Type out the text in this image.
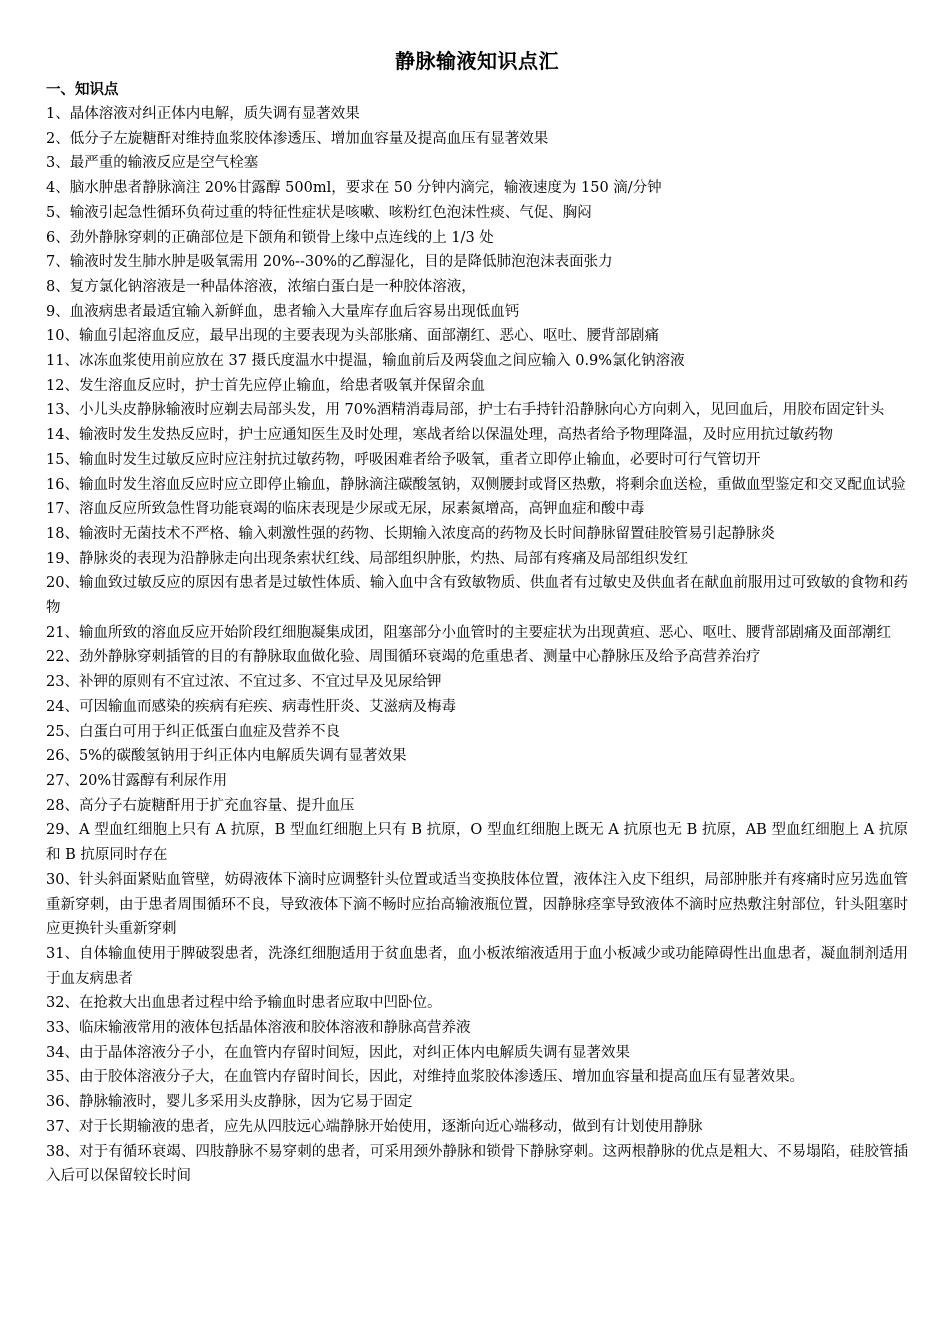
静脉输液知识点汇

一、知识点

1、晶体溶液对纠正体内电解，质失调有显著效果

2、低分子左旋糖酐对维持血浆胶体渗透压、增加血容量及提高血压有显著效果

3、最严重的输液反应是空气栓塞

4、脑水肿患者静脉滴注 20%甘露醇 500ml，要求在 50 分钟内滴完，输液速度为 150 滴/分钟

5、输液引起急性循环负荷过重的特征性症状是咳嗽、咳粉红色泡沫性痰、气促、胸闷

6、劲外静脉穿刺的正确部位是下颌角和锁骨上缘中点连线的上 1/3 处

7、输液时发生肺水肿是吸氧需用 20%--30%的乙醇湿化，目的是降低肺泡泡沫表面张力

8、复方氯化钠溶液是一种晶体溶液，浓缩白蛋白是一种胶体溶液，

9、血液病患者最适宜输入新鲜血，患者输入大量库存血后容易出现低血钙

10、输血引起溶血反应，最早出现的主要表现为头部胀痛、面部潮红、恶心、呕吐、腰背部剧痛

11、冰冻血浆使用前应放在 37 摄氏度温水中提温，输血前后及两袋血之间应输入 0.9%氯化钠溶液

12、发生溶血反应时，护士首先应停止输血，给患者吸氧并保留余血

13、小儿头皮静脉输液时应剃去局部头发，用 70%酒精消毒局部，护士右手持针沿静脉向心方向刺入，见回血后，用胶布固定针头

14、输液时发生发热反应时，护士应通知医生及时处理，寒战者给以保温处理，高热者给予物理降温，及时应用抗过敏药物

15、输血时发生过敏反应时应注射抗过敏药物，呼吸困难者给予吸氧，重者立即停止输血，必要时可行气管切开

16、输血时发生溶血反应时应立即停止输血，静脉滴注碳酸氢钠，双侧腰封或肾区热敷，将剩余血送检，重做血型鉴定和交叉配血试验

17、溶血反应所致急性肾功能衰竭的临床表现是少尿或无尿，尿素氮增高，高钾血症和酸中毒

18、输液时无菌技术不严格、输入刺激性强的药物、长期输入浓度高的药物及长时间静脉留置硅胶管易引起静脉炎

19、静脉炎的表现为沿静脉走向出现条索状红线、局部组织肿胀，灼热、局部有疼痛及局部组织发红

20、输血致过敏反应的原因有患者是过敏性体质、输入血中含有致敏物质、供血者有过敏史及供血者在献血前服用过可致敏的食物和药物

21、输血所致的溶血反应开始阶段红细胞凝集成团，阻塞部分小血管时的主要症状为出现黄疸、恶心、呕吐、腰背部剧痛及面部潮红

22、劲外静脉穿刺插管的目的有静脉取血做化验、周围循环衰竭的危重患者、测量中心静脉压及给予高营养治疗

23、补钾的原则有不宜过浓、不宜过多、不宜过早及见尿给钾

24、可因输血而感染的疾病有疟疾、病毒性肝炎、艾滋病及梅毒

25、白蛋白可用于纠正低蛋白血症及营养不良

26、5%的碳酸氢钠用于纠正体内电解质失调有显著效果

27、20%甘露醇有利尿作用

28、高分子右旋糖酐用于扩充血容量、提升血压

29、A 型血红细胞上只有 A 抗原，B 型血红细胞上只有 B 抗原，O 型血红细胞上既无 A 抗原也无 B 抗原，AB 型血红细胞上 A 抗原和 B 抗原同时存在

30、针头斜面紧贴血管壁，妨碍液体下滴时应调整针头位置或适当变换肢体位置，液体注入皮下组织，局部肿胀并有疼痛时应另选血管重新穿刺，由于患者周围循环不良，导致液体下滴不畅时应抬高输液瓶位置，因静脉痉挛导致液体不滴时应热敷注射部位，针头阻塞时应更换针头重新穿刺

31、自体输血使用于脾破裂患者，洗涤红细胞适用于贫血患者，血小板浓缩液适用于血小板减少或功能障碍性出血患者，凝血制剂适用于血友病患者

32、在抢救大出血患者过程中给予输血时患者应取中凹卧位。

33、临床输液常用的液体包括晶体溶液和胶体溶液和静脉高营养液

34、由于晶体溶液分子小，在血管内存留时间短，因此，对纠正体内电解质失调有显著效果

35、由于胶体溶液分子大，在血管内存留时间长，因此，对维持血浆胶体渗透压、增加血容量和提高血压有显著效果。

36、静脉输液时，婴儿多采用头皮静脉，因为它易于固定

37、对于长期输液的患者，应先从四肢远心端静脉开始使用，逐渐向近心端移动，做到有计划使用静脉

38、对于有循环衰竭、四肢静脉不易穿刺的患者，可采用颈外静脉和锁骨下静脉穿刺。这两根静脉的优点是粗大、不易塌陷，硅胶管插入后可以保留较长时间
